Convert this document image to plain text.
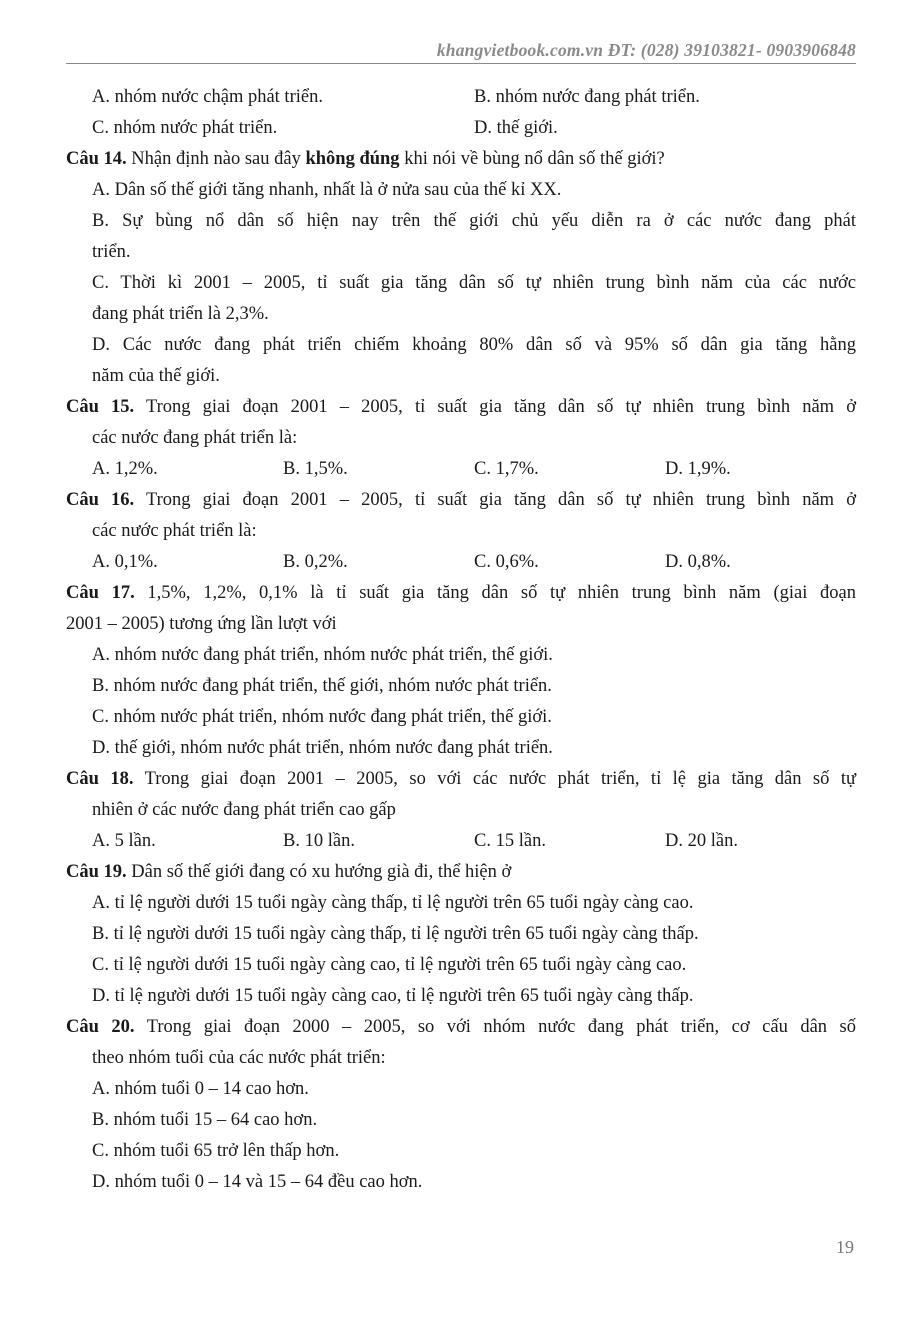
khangvietbook.com.vn ĐT: (028) 39103821- 0903906848
A. nhóm nước chậm phát triển.	B. nhóm nước đang phát triển.
C. nhóm nước phát triển.	D. thế giới.
Câu 14. Nhận định nào sau đây không đúng khi nói về bùng nổ dân số thế giới?
A. Dân số thế giới tăng nhanh, nhất là ở nửa sau của thế kỉ XX.
B. Sự bùng nổ dân số hiện nay trên thế giới chủ yếu diễn ra ở các nước đang phát
triển.
C. Thời kì 2001 – 2005, tỉ suất gia tăng dân số tự nhiên trung bình năm của các nước
đang phát triển là 2,3%.
D. Các nước đang phát triển chiếm khoảng 80% dân số và 95% số dân gia tăng hằng
năm của thế giới.
Câu 15. Trong giai đoạn 2001 – 2005, tỉ suất gia tăng dân số tự nhiên trung bình năm ở
các nước đang phát triển là:
A. 1,2%.	B. 1,5%.	C. 1,7%.	D. 1,9%.
Câu 16. Trong giai đoạn 2001 – 2005, tỉ suất gia tăng dân số tự nhiên trung bình năm ở
các nước phát triển là:
A. 0,1%.	B. 0,2%.	C. 0,6%.	D. 0,8%.
Câu 17. 1,5%, 1,2%, 0,1% là tỉ suất gia tăng dân số tự nhiên trung bình năm (giai đoạn
2001 – 2005) tương ứng lần lượt với
A. nhóm nước đang phát triển, nhóm nước phát triển, thế giới.
B. nhóm nước đang phát triển, thế giới, nhóm nước phát triển.
C. nhóm nước phát triển, nhóm nước đang phát triển, thế giới.
D. thế giới, nhóm nước phát triển, nhóm nước đang phát triển.
Câu 18. Trong giai đoạn 2001 – 2005, so với các nước phát triển, tỉ lệ gia tăng dân số tự
nhiên ở các nước đang phát triển cao gấp
A. 5 lần.	B. 10 lần.	C. 15 lần.	D. 20 lần.
Câu 19. Dân số thế giới đang có xu hướng già đi, thể hiện ở
A. tỉ lệ người dưới 15 tuổi ngày càng thấp, tỉ lệ người trên 65 tuổi ngày càng cao.
B. tỉ lệ người dưới 15 tuổi ngày càng thấp, tỉ lệ người trên 65 tuổi ngày càng thấp.
C. tỉ lệ người dưới 15 tuổi ngày càng cao, tỉ lệ người trên 65 tuổi ngày càng cao.
D. tỉ lệ người dưới 15 tuổi ngày càng cao, tỉ lệ người trên 65 tuổi ngày càng thấp.
Câu 20. Trong giai đoạn 2000 – 2005, so với nhóm nước đang phát triển, cơ cấu dân số
theo nhóm tuổi của các nước phát triển:
A. nhóm tuổi 0 – 14 cao hơn.
B. nhóm tuổi 15 – 64 cao hơn.
C. nhóm tuổi 65 trở lên thấp hơn.
D. nhóm tuổi 0 – 14 và 15 – 64 đều cao hơn.
19
